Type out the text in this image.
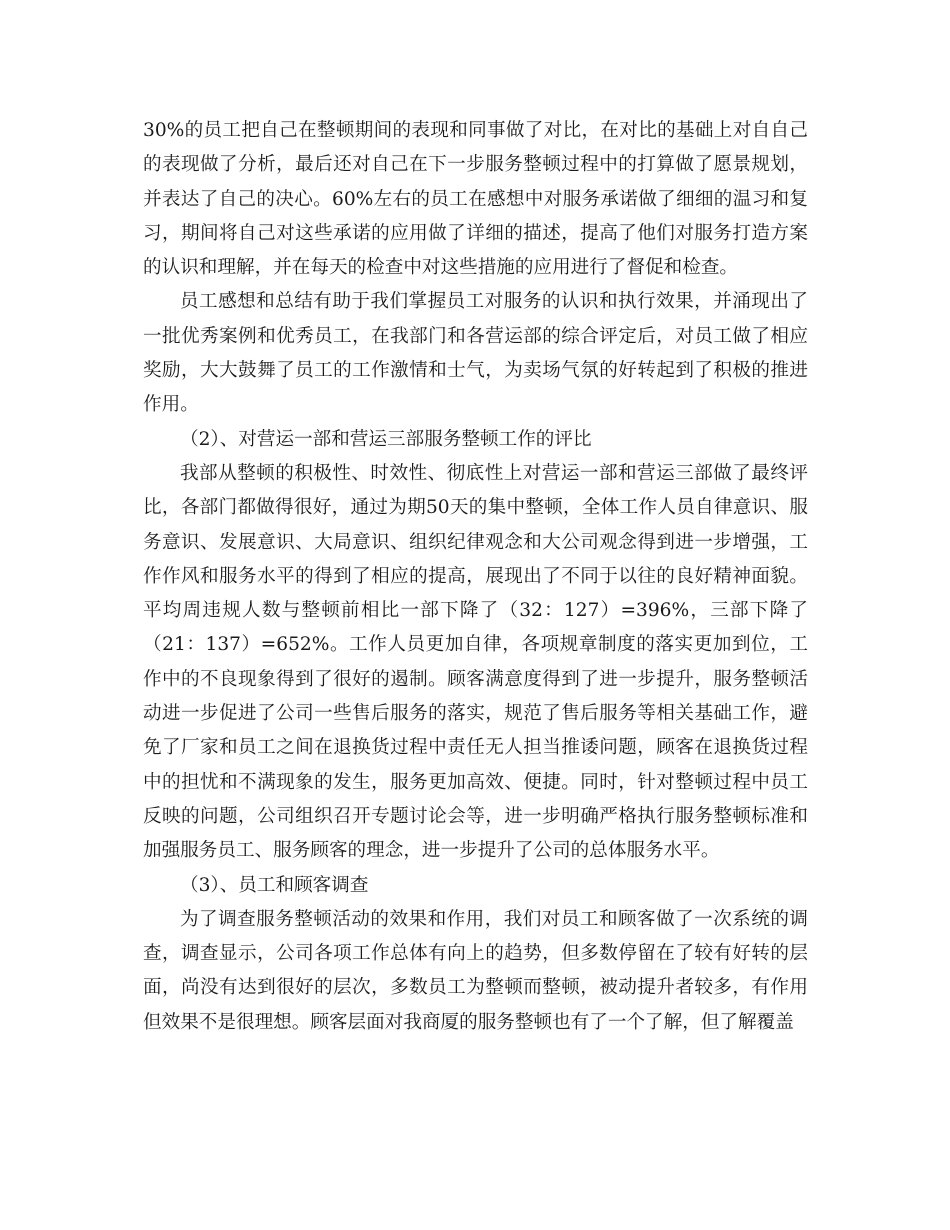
30%的员工把自己在整顿期间的表现和同事做了对比，在对比的基础上对自自己的表现做了分析，最后还对自己在下一步服务整顿过程中的打算做了愿景规划，并表达了自己的决心。60%左右的员工在感想中对服务承诺做了细细的温习和复习，期间将自己对这些承诺的应用做了详细的描述，提高了他们对服务打造方案的认识和理解，并在每天的检查中对这些措施的应用进行了督促和检查。

员工感想和总结有助于我们掌握员工对服务的认识和执行效果，并涌现出了一批优秀案例和优秀员工，在我部门和各营运部的综合评定后，对员工做了相应奖励，大大鼓舞了员工的工作激情和士气，为卖场气氛的好转起到了积极的推进作用。

（2）、对营运一部和营运三部服务整顿工作的评比

我部从整顿的积极性、时效性、彻底性上对营运一部和营运三部做了最终评比，各部门都做得很好，通过为期50天的集中整顿，全体工作人员自律意识、服务意识、发展意识、大局意识、组织纪律观念和大公司观念得到进一步增强，工作作风和服务水平的得到了相应的提高，展现出了不同于以往的良好精神面貌。平均周违规人数与整顿前相比一部下降了（32：127）=396%，三部下降了（21：137）=652%。工作人员更加自律，各项规章制度的落实更加到位，工作中的不良现象得到了很好的遏制。顾客满意度得到了进一步提升，服务整顿活动进一步促进了公司一些售后服务的落实，规范了售后服务等相关基础工作，避免了厂家和员工之间在退换货过程中责任无人担当推诿问题，顾客在退换货过程中的担忧和不满现象的发生，服务更加高效、便捷。同时，针对整顿过程中员工反映的问题，公司组织召开专题讨论会等，进一步明确严格执行服务整顿标准和加强服务员工、服务顾客的理念，进一步提升了公司的总体服务水平。

（3）、员工和顾客调查

为了调查服务整顿活动的效果和作用，我们对员工和顾客做了一次系统的调查，调查显示，公司各项工作总体有向上的趋势，但多数停留在了较有好转的层面，尚没有达到很好的层次，多数员工为整顿而整顿，被动提升者较多，有作用但效果不是很理想。顾客层面对我商厦的服务整顿也有了一个了解，但了解覆盖
